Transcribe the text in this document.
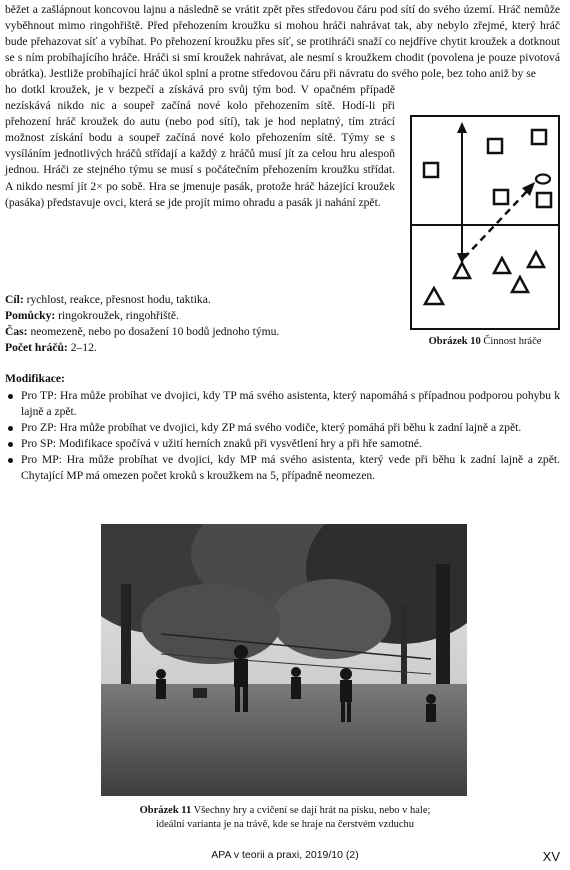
běžet a zašlápnout koncovou lajnu a následně se vrátit zpět přes středovou čáru pod sítí do svého území. Hráč nemůže vyběhnout mimo ringohřiště. Před přehozením kroužku si mohou hráči nahrávat tak, aby nebylo zřejmé, který hráč bude přehazovat síť a vybíhat. Po přehození kroužku přes síť, se protihráči snaží co nejdříve chytit kroužek a dotknout se s ním probíhajícího hráče. Hráči si smí kroužek nahrávat, ale nesmí s kroužkem chodit (povolena je pouze pivotová obrátka). Jestliže probíhající hráč úkol splní a protne středovou čáru při návratu do svého pole, bez toho aniž by se
ho dotkl kroužek, je v bezpečí a získává pro svůj tým bod. V opačném případě nezískává nikdo nic a soupeř začíná nové kolo přehozením sítě. Hodí-li při přehození hráč kroužek do autu (nebo pod sítí), tak je hod neplatný, tím ztrácí možnost získání bodu a soupeř začíná nové kolo přehozením sítě. Týmy se s vysíláním jednotlivých hráčů střídají a každý z hráčů musí jít za celou hru alespoň jednou. Hráči ze stejného týmu se musí s počátečním přehozením kroužku střídat. A nikdo nesmí jít 2× po sobě. Hra se jmenuje pasák, protože hráč házející kroužek (pasáka) představuje ovci, která se jde projít mimo ohradu a pasák ji nahání zpět.
Obrázek 10 Činnost hráče
Cíl: rychlost, reakce, přesnost hodu, taktika.
Pomůcky: ringokroužek, ringohřiště.
Čas: neomezeně, nebo po dosažení 10 bodů jednoho týmu.
Počet hráčů: 2–12.
Modifikace:
Pro TP: Hra může probíhat ve dvojici, kdy TP má svého asistenta, který napomáhá s případnou podporou pohybu k lajně a zpět.
Pro ZP: Hra může probíhat ve dvojici, kdy ZP má svého vodiče, který pomáhá při běhu k zadní lajně a zpět.
Pro SP: Modifikace spočívá v užití herních znaků při vysvětlení hry a při hře samotné.
Pro MP: Hra může probíhat ve dvojici, kdy MP má svého asistenta, který vede při běhu k zadní lajně a zpět. Chytající MP má omezen počet kroků s kroužkem na 5, případně neomezen.
Obrázek 11 Všechny hry a cvičení se dají hrát na písku, nebo v hale;
ideální varianta je na trávě, kde se hraje na čerstvém vzduchu
APA v teorii a praxi, 2019/10 (2)	XV
